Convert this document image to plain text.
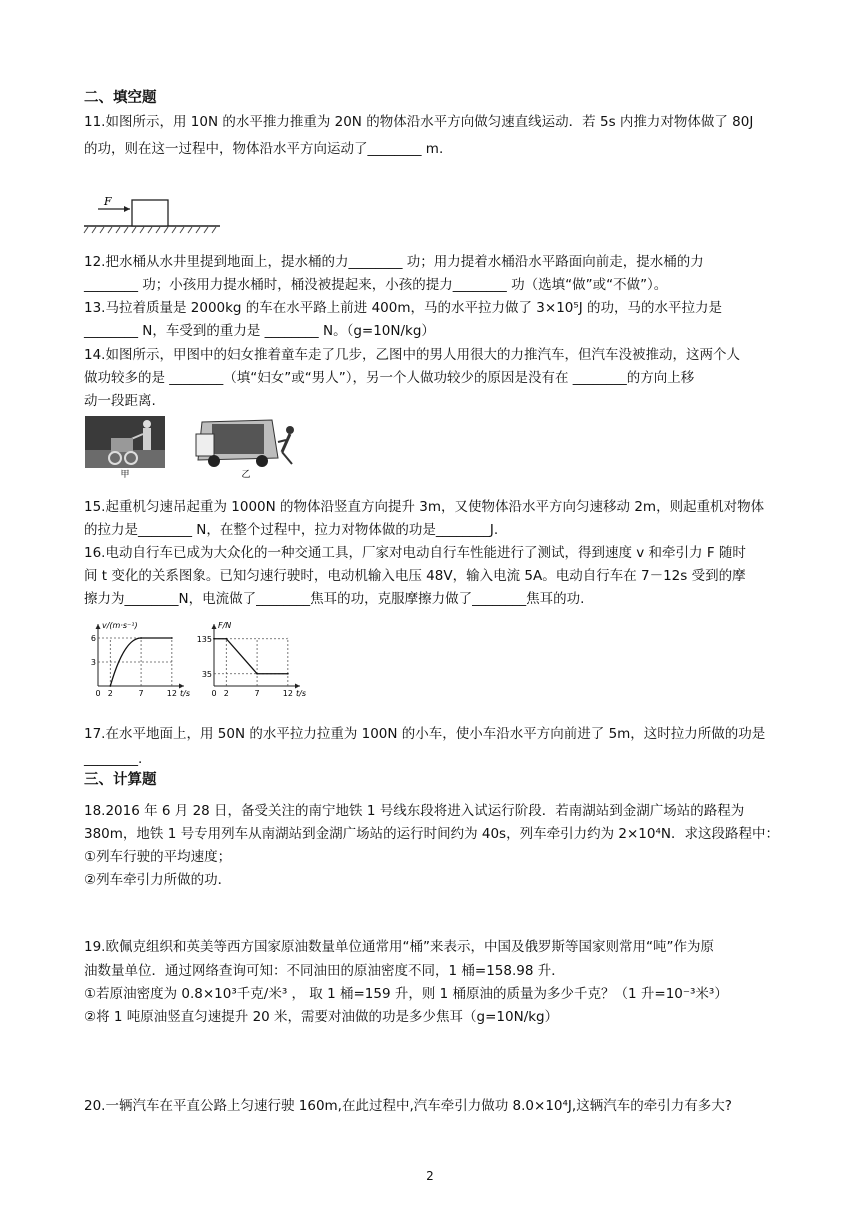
二、填空题
11.如图所示，用 10N 的水平推力推重为 20N 的物体沿水平方向做匀速直线运动．若 5s 内推力对物体做了 80J
的功，则在这一过程中，物体沿水平方向运动了________ m.
F
12.把水桶从水井里提到地面上，提水桶的力________ 功；用力提着水桶沿水平路面向前走，提水桶的力
________ 功；小孩用力提水桶时，桶没被提起来，小孩的提力________ 功（选填“做”或“不做”）。
13.马拉着质量是 2000kg 的车在水平路上前进 400m，马的水平拉力做了 3×10⁵J 的功，马的水平拉力是
________ N，车受到的重力是 ________ N。（g=10N/kg）
14.如图所示，甲图中的妇女推着童车走了几步，乙图中的男人用很大的力推汽车，但汽车没被推动，这两个人
做功较多的是 ________（填“妇女”或“男人”），另一个人做功较少的原因是没有在 ________的方向上移
动一段距离.
甲	乙
15.起重机匀速吊起重为 1000N 的物体沿竖直方向提升 3m，又使物体沿水平方向匀速移动 2m，则起重机对物体
的拉力是________ N，在整个过程中，拉力对物体做的功是________J.
16.电动自行车已成为大众化的一种交通工具，厂家对电动自行车性能进行了测试，得到速度 v 和牵引力 F 随时
间 t 变化的关系图象。已知匀速行驶时，电动机输入电压 48V，输入电流 5A。电动自行车在 7－12s 受到的摩
擦力为________N，电流做了________焦耳的功，克服摩擦力做了________焦耳的功.
0 2	7	12
3
6
v/(m·s⁻¹)
t/s	0 2	7	12
35
135
F/N
t/s
17.在水平地面上，用 50N 的水平拉力拉重为 100N 的小车，使小车沿水平方向前进了 5m，这时拉力所做的功是
________.
三、计算题
18.2016 年 6 月 28 日，备受关注的南宁地铁 1 号线东段将进入试运行阶段．若南湖站到金湖广场站的路程为
380m，地铁 1 号专用列车从南湖站到金湖广场站的运行时间约为 40s，列车牵引力约为 2×10⁴N．求这段路程中：
①列车行驶的平均速度；
②列车牵引力所做的功．
19.欧佩克组织和英美等西方国家原油数量单位通常用“桶”来表示，中国及俄罗斯等国家则常用“吨”作为原
油数量单位．通过网络查询可知：不同油田的原油密度不同，1 桶=158.98 升．
①若原油密度为 0.8×10³千克/米³ ， 取 1 桶=159 升，则 1 桶原油的质量为多少千克？（1 升=10⁻³米³）
②将 1 吨原油竖直匀速提升 20 米，需要对油做的功是多少焦耳（g=10N/kg）
20.一辆汽车在平直公路上匀速行驶 160m,在此过程中,汽车牵引力做功 8.0×10⁴J,这辆汽车的牵引力有多大?
2
